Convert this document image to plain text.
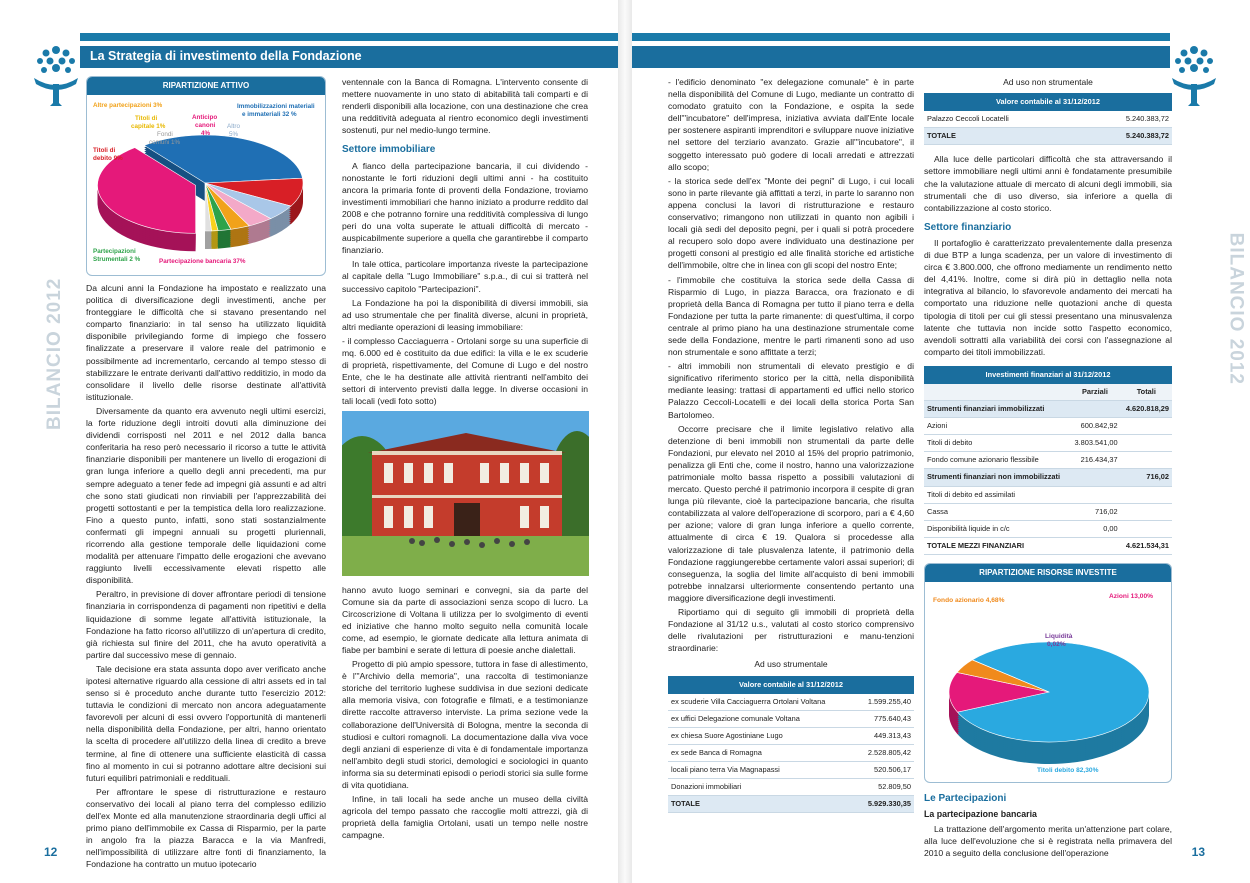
La Strategia di investimento della Fondazione
BILANCIO 2012
12
RIPARTIZIONE ATTIVO
Altre partecipazioni 3%
Titoli di
capitale 1%
Anticipo
canoni
4%
Immobilizzazioni materiali
e immateriali 32 %
Fondi
comuni 1%
Altro
5%
Titoli di
debito 9%
Partecipazioni
Strumentali 2 %	Partecipazione bancaria 37%

Da alcuni anni la Fondazione ha impostato e realizzato una politica di diversificazione degli investimenti, anche per fronteggiare le difficoltà che si stavano presentando nel comparto finanziario: in tal senso ha utilizzato liquidità disponibile privilegiando forme di impiego che fossero finalizzate a preservare il valore reale del patrimonio e possibilmente ad incrementarlo, cercando al tempo stesso di stabilizzare le entrate derivanti dall'attivo redditizio, in modo da consolidare il livello delle risorse destinate all'attività istituzionale.

Diversamente da quanto era avvenuto negli ultimi esercizi, la forte riduzione degli introiti dovuti alla diminuzione dei dividendi corrisposti nel 2011 e nel 2012 dalla banca conferitaria ha reso però necessario il ricorso a tutte le attività finanziarie disponibili per mantenere un livello di erogazioni di gran lunga inferiore a quello degli anni precedenti, ma pur sempre adeguato a tener fede ad impegni già assunti e ad altri che sono stati giudicati non rinviabili per l'apprezzabilità dei progetti sottostanti e per la tempistica della loro realizzazione. Fino a questo punto, infatti, sono stati sostanzialmente confermati gli impegni annuali su progetti pluriennali, ricorrendo alla gestione temporale delle liquidazioni come modalità per attenuare l'impatto delle erogazioni che avevano raggiunto livelli eccessivamente elevati rispetto alle disponibilità.

Peraltro, in previsione di dover affrontare periodi di tensione finanziaria in corrispondenza di pagamenti non ripetitivi e della liquidazione di somme legate all'attività istituzionale, la Fondazione ha fatto ricorso all'utilizzo di un'apertura di credito, già richiesta sul finire del 2011, che ha avuto operatività a partire dal successivo mese di gennaio.

Tale decisione era stata assunta dopo aver verificato anche ipotesi alternative riguardo alla cessione di altri assets ed in tal senso si è proceduto anche durante tutto l'esercizio 2012: tuttavia le condizioni di mercato non ancora adeguatamente favorevoli per alcuni di essi ovvero l'opportunità di mantenerli nella disponibilità della Fondazione, per altri, hanno orientato la scelta di procedere all'utilizzo della linea di credito a breve termine, al fine di ottenere una sufficiente elasticità di cassa fino al momento in cui si potranno adottare altre decisioni sui futuri equilibri patrimoniali e reddituali.

Per affrontare le spese di ristrutturazione e restauro conservativo dei locali al piano terra del complesso edilizio dell'ex Monte ed alla manutenzione straordinaria degli uffici al primo piano dell'immobile ex Cassa di Risparmio, per la parte in angolo fra la piazza Baracca e la via Manfredi, nell'impossibilità di utilizzare altre fonti di finanziamento, la Fondazione ha contratto un mutuo ipotecario

ventennale con la Banca di Romagna. L'intervento consente di mettere nuovamente in uno stato di abitabilità tali comparti e di renderli disponibili alla locazione, con una destinazione che crea una redditività adeguata al rientro economico degli investimenti sostenuti, pur nel medio-lungo termine.

Settore immobiliare

A fianco della partecipazione bancaria, il cui dividendo - nonostante le forti riduzioni degli ultimi anni - ha costituito ancora la primaria fonte di proventi della Fondazione, troviamo investimenti immobiliari che hanno iniziato a produrre reddito dal 2008 e che potranno fornire una redditività complessiva di lungo peri do una volta superate le attuali difficoltà di mercato - auspicabilmente superiore a quella che garantirebbe il comparto finanziario.

In tale ottica, particolare importanza riveste la partecipazione al capitale della "Lugo Immobiliare" s.p.a., di cui si tratterà nel successivo capitolo "Partecipazioni".

La Fondazione ha poi la disponibilità di diversi immobili, sia ad uso strumentale che per finalità diverse, alcuni in proprietà, altri mediante operazioni di leasing immobiliare:

- il complesso Cacciaguerra - Ortolani sorge su una superficie di mq. 6.000 ed è costituito da due edifici: la villa e le ex scuderie di proprietà, rispettivamente, del Comune di Lugo e del nostro Ente, che le ha destinate alle attività rientranti nell'ambito dei settori di intervento previsti dalla legge. In diverse occasioni in tali locali (vedi foto sotto)

hanno avuto luogo seminari e convegni, sia da parte del Comune sia da parte di associazioni senza scopo di lucro. La Circoscrizione di Voltana li utilizza per lo svolgimento di eventi ed iniziative che hanno molto seguito nella comunità locale come, ad esempio, le giornate dedicate alla lettura animata di fiabe per bambini e serate di lettura di poesie anche dialettali.

Progetto di più ampio spessore, tuttora in fase di allestimento, è l'"Archivio della memoria", una raccolta di testimonianze storiche del territorio lughese suddivisa in due sezioni dedicate alla memoria visiva, con fotografie e filmati, e a testimonianze dirette raccolte attraverso interviste. La prima sezione vede la collaborazione dell'Università di Bologna, mentre la seconda di studiosi e cultori romagnoli. La documentazione dalla viva voce degli anziani di esperienze di vita è di fondamentale importanza nell'ambito degli studi storici, demologici e sociologici in quanto informa sia su determinati episodi o periodi storici sia sulle forme di vita quotidiana.

Infine, in tali locali ha sede anche un museo della civiltà agricola del tempo passato che raccoglie molti attrezzi, già di proprietà della famiglia Ortolani, usati un tempo nelle nostre campagne.

BILANCIO 2012
13

- l'edificio denominato "ex delegazione comunale" è in parte nella disponibilità del Comune di Lugo, mediante un contratto di comodato gratuito con la Fondazione, e ospita la sede dell'"incubatore" dell'impresa, iniziativa avviata dall'Ente locale per sostenere aspiranti imprenditori e sviluppare nuove iniziative nel settore del terziario avanzato. Grazie all'"incubatore", il soggetto interessato può godere di locali arredati e attrezzati allo scopo;

- la storica sede dell'ex "Monte dei pegni" di Lugo, i cui locali sono in parte rilevante già affittati a terzi, in parte lo saranno non appena conclusi la lavori di ristrutturazione e restauro conservativo; rimangono non utilizzati in quanto non agibili i locali già sedi del deposito pegni, per i quali si potrà procedere al recupero solo dopo avere individuato una destinazione per progetti consoni al prestigio ed alle finalità storiche ed artistiche dell'immobile, oltre che in linea con gli scopi del nostro Ente;

- l'immobile che costituiva la storica sede della Cassa di Risparmio di Lugo, in piazza Baracca, ora frazionato e di proprietà della Banca di Romagna per tutto il piano terra e della Fondazione per tutta la parte rimanente: di quest'ultima, il corpo centrale al primo piano ha una destinazione strumentale come sede della Fondazione, mentre le parti rimanenti sono ad uso non strumentale e sono affittate a terzi;

- altri immobili non strumentali di elevato prestigio e di significativo riferimento storico per la città, nella disponibilità mediante leasing: trattasi di appartamenti ed uffici nello storico Palazzo Ceccoli-Locatelli e dei locali della storica Porta San Bartolomeo.

Occorre precisare che il limite legislativo relativo alla detenzione di beni immobili non strumentali da parte delle Fondazioni, pur elevato nel 2010 al 15% del proprio patrimonio, penalizza gli Enti che, come il nostro, hanno una valorizzazione patrimoniale molto bassa rispetto a possibili valutazioni di mercato. Questo perché il patrimonio incorpora il cespite di gran lunga più rilevante, cioè la partecipazione bancaria, che risulta contabilizzata al valore dell'operazione di scorporo, pari a € 4,60 per azione; valore di gran lunga inferiore a quello corrente, attualmente di circa € 19. Qualora si procedesse alla valorizzazione di tale plusvalenza latente, il patrimonio della Fondazione raggiungerebbe certamente valori assai superiori; di conseguenza, la soglia del limite all'acquisto di beni immobili potrebbe innalzarsi ulteriormente consentendo pertanto una maggiore diversificazione degli investimenti.

Riportiamo qui di seguito gli immobili di proprietà della Fondazione al 31/12 u.s., valutati al costo storico comprensivo delle rivalutazioni per ristrutturazioni e manu-tenzioni straordinarie:

Ad uso strumentale
Valore contabile al 31/12/2012	
ex scuderie Villa Cacciaguerra Ortolani Voltana	1.599.255,40
ex uffici Delegazione comunale Voltana	775.640,43
ex chiesa Suore Agostiniane Lugo	449.313,43
ex sede Banca di Romagna	2.528.805,42
locali piano terra Via Magnapassi	520.506,17
Donazioni immobiliari	52.809,50
TOTALE	5.929.330,35
Ad uso non strumentale
Valore contabile al 31/12/2012	
Palazzo Ceccoli Locatelli	5.240.383,72
TOTALE	5.240.383,72

Alla luce delle particolari difficoltà che sta attraversando il settore immobiliare negli ultimi anni è fondatamente presumibile che la valutazione attuale di mercato di alcuni degli immobili, sia strumentali che di uso diverso, sia inferiore a quella di contabilizzazione al costo storico.

Settore finanziario

Il portafoglio è caratterizzato prevalentemente dalla presenza di due BTP a lunga scadenza, per un valore di investimento di circa € 3.800.000, che offrono mediamente un rendimento netto del 4,41%. Inoltre, come si dirà più in dettaglio nella nota integrativa al bilancio, lo sfavorevole andamento dei mercati ha comportato una riduzione nelle quotazioni anche di questa tipologia di titoli per cui gli stessi presentano una minusvalenza latente che tuttavia non incide sotto l'aspetto economico, avendoli sottratti alla variabilità dei corsi con l'assegnazione al comparto dei titoli immobilizzati.

Investimenti finanziari al 31/12/2012		
	Parziali	Totali
Strumenti finanziari immobilizzati		4.620.818,29
Azioni	600.842,92	
Titoli di debito	3.803.541,00	
Fondo comune azionario flessibile	216.434,37	
Strumenti finanziari non immobilizzati		716,02
Titoli di debito ed assimilati		
Cassa	716,02	
Disponibilità liquide in c/c	0,00	
TOTALE MEZZI FINANZIARI		4.621.534,31
RIPARTIZIONE RISORSE INVESTITE
Fondo azionario 4,68%
Azioni 13,00%
Liquidità
0,02%
Titoli debito 82,30%
Le Partecipazioni
La partecipazione bancaria

La trattazione dell'argomento merita un'attenzione part colare, alla luce dell'evoluzione che si è registrata nella primavera del 2010 a seguito della conclusione dell'operazione
